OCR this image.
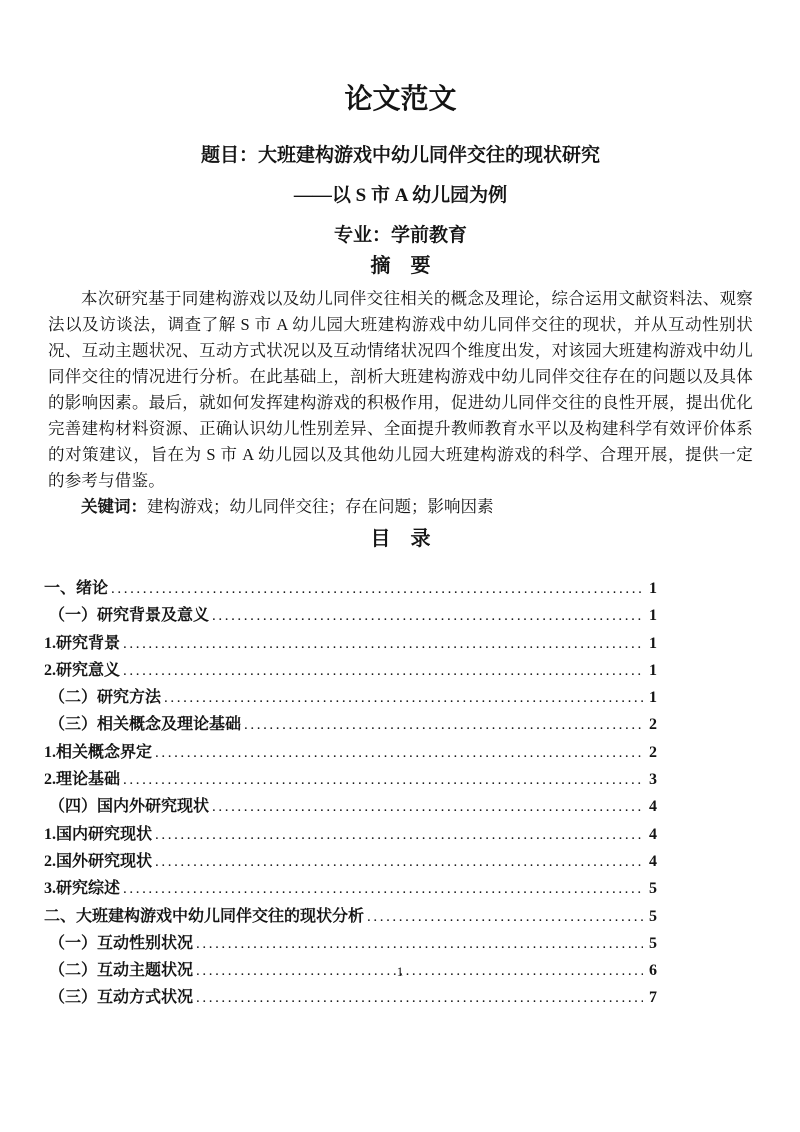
论文范文
题目：大班建构游戏中幼儿同伴交往的现状研究
——以 S 市 A 幼儿园为例
专业：学前教育
摘　要

本次研究基于同建构游戏以及幼儿同伴交往相关的概念及理论，综合运用文献资料法、观察法以及访谈法，调查了解 S 市 A 幼儿园大班建构游戏中幼儿同伴交往的现状，并从互动性别状况、互动主题状况、互动方式状况以及互动情绪状况四个维度出发，对该园大班建构游戏中幼儿同伴交往的情况进行分析。在此基础上，剖析大班建构游戏中幼儿同伴交往存在的问题以及具体的影响因素。最后，就如何发挥建构游戏的积极作用，促进幼儿同伴交往的良性开展，提出优化完善建构材料资源、正确认识幼儿性别差异、全面提升教师教育水平以及构建科学有效评价体系的对策建议，旨在为 S 市 A 幼儿园以及其他幼儿园大班建构游戏的科学、合理开展，提供一定的参考与借鉴。

关键词：建构游戏；幼儿同伴交往；存在问题；影响因素

目　录
一、绪论 .....	1
（一）研究背景及意义 .....	1
1.研究背景 .....	1
2.研究意义 .....	1
（二）研究方法 .....	1
（三）相关概念及理论基础 .....	2
1.相关概念界定 .....	2
2.理论基础 .....	3
（四）国内外研究现状 .....	4
1.国内研究现状 .....	4
2.国外研究现状 .....	4
3.研究综述 .....	5
二、大班建构游戏中幼儿同伴交往的现状分析 .....	5
（一）互动性别状况 .....	5
（二）互动主题状况 .....	6
（三）互动方式状况 .....	7
1
